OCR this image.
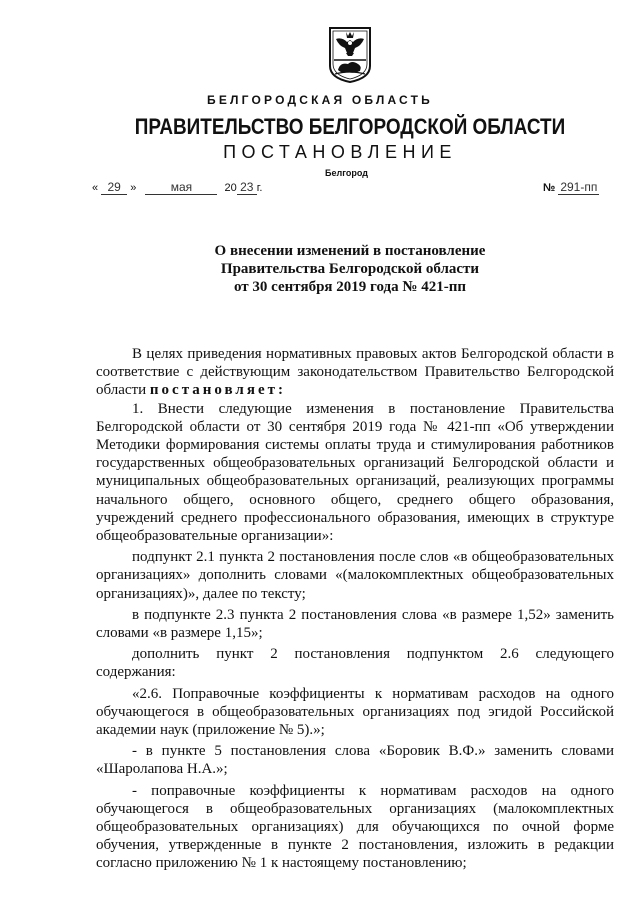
БЕЛГОРОДСКАЯ ОБЛАСТЬ
ПРАВИТЕЛЬСТВО БЕЛГОРОДСКОЙ ОБЛАСТИ
ПОСТАНОВЛЕНИЕ
Белгород
« 29 »	мая	20 23 г.	№ 291-пп
О внесении изменений в постановление
Правительства Белгородской области
от 30 сентября 2019 года № 421-пп

В целях приведения нормативных правовых актов Белгородской области в соответствие с действующим законодательством Правительство Белгородской области постановляет:

1. Внести следующие изменения в постановление Правительства Белгородской области от 30 сентября 2019 года № 421-пп «Об утверждении Методики формирования системы оплаты труда и стимулирования работников государственных общеобразовательных организаций Белгородской области и муниципальных общеобразовательных организаций, реализующих программы начального общего, основного общего, среднего общего образования, учреждений среднего профессионального образования, имеющих в структуре общеобразовательные организации»:

подпункт 2.1 пункта 2 постановления после слов «в общеобразовательных организациях» дополнить словами «(малокомплектных общеобразовательных организациях)», далее по тексту;

в подпункте 2.3 пункта 2 постановления слова «в размере 1,52» заменить словами «в размере 1,15»;

дополнить пункт 2 постановления подпунктом 2.6 следующего содержания:

«2.6. Поправочные коэффициенты к нормативам расходов на одного обучающегося в общеобразовательных организациях под эгидой Российской академии наук (приложение № 5).»;

- в пункте 5 постановления слова «Боровик В.Ф.» заменить словами «Шаролапова Н.А.»;

- поправочные коэффициенты к нормативам расходов на одного обучающегося в общеобразовательных организациях (малокомплектных общеобразовательных организациях) для обучающихся по очной форме обучения, утвержденные в пункте 2 постановления, изложить в редакции согласно приложению № 1 к настоящему постановлению;
